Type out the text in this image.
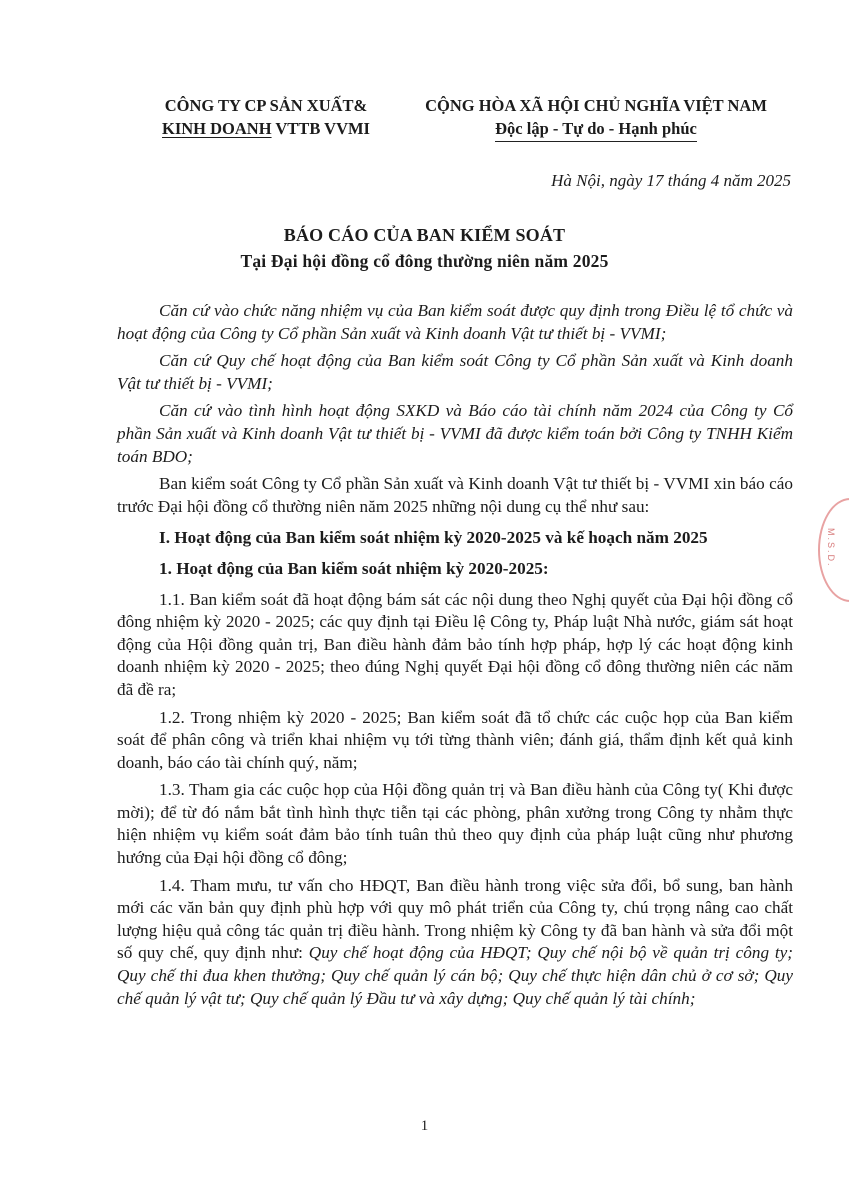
CÔNG TY CP SẢN XUẤT&
KINH DOANH VTTB VVMI
CỘNG HÒA XÃ HỘI CHỦ NGHĨA VIỆT NAM
Độc lập - Tự do - Hạnh phúc
Hà Nội, ngày 17 tháng 4 năm 2025
BÁO CÁO CỦA BAN KIỂM SOÁT
Tại Đại hội đồng cổ đông thường niên năm 2025

Căn cứ vào chức năng nhiệm vụ của Ban kiểm soát được quy định trong Điều lệ tổ chức và hoạt động của Công ty Cổ phần Sản xuất và Kinh doanh Vật tư thiết bị - VVMI;

Căn cứ Quy chế hoạt động của Ban kiểm soát Công ty Cổ phần Sản xuất và Kinh doanh Vật tư thiết bị - VVMI;

Căn cứ vào tình hình hoạt động SXKD và Báo cáo tài chính năm 2024 của Công ty Cổ phần Sản xuất và Kinh doanh Vật tư thiết bị - VVMI đã được kiểm toán bởi Công ty TNHH Kiểm toán BDO;

Ban kiểm soát Công ty Cổ phần Sản xuất và Kinh doanh Vật tư thiết bị - VVMI xin báo cáo trước Đại hội đồng cổ thường niên năm 2025 những nội dung cụ thể như sau:

I. Hoạt động của Ban kiểm soát nhiệm kỳ 2020-2025 và kế hoạch năm 2025

1. Hoạt động của Ban kiểm soát nhiệm kỳ 2020-2025:

1.1. Ban kiểm soát đã hoạt động bám sát các nội dung theo Nghị quyết của Đại hội đồng cổ đông nhiệm kỳ 2020 - 2025; các quy định tại Điều lệ Công ty, Pháp luật Nhà nước, giám sát hoạt động của Hội đồng quản trị, Ban điều hành đảm bảo tính hợp pháp, hợp lý các hoạt động kinh doanh nhiệm kỳ 2020 - 2025; theo đúng Nghị quyết Đại hội đồng cổ đông thường niên các năm đã đề ra;

1.2. Trong nhiệm kỳ 2020 - 2025; Ban kiểm soát đã tổ chức các cuộc họp của Ban kiểm soát để phân công và triển khai nhiệm vụ tới từng thành viên; đánh giá, thẩm định kết quả kinh doanh, báo cáo tài chính quý, năm;

1.3. Tham gia các cuộc họp của Hội đồng quản trị và Ban điều hành của Công ty( Khi được mời); để từ đó nắm bắt tình hình thực tiễn tại các phòng, phân xưởng trong Công ty nhằm thực hiện nhiệm vụ kiểm soát đảm bảo tính tuân thủ theo quy định của pháp luật cũng như phương hướng của Đại hội đồng cổ đông;

1.4. Tham mưu, tư vấn cho HĐQT, Ban điều hành trong việc sửa đổi, bổ sung, ban hành mới các văn bản quy định phù hợp với quy mô phát triển của Công ty, chú trọng nâng cao chất lượng hiệu quả công tác quản trị điều hành. Trong nhiệm kỳ Công ty đã ban hành và sửa đổi một số quy chế, quy định như: Quy chế hoạt động của HĐQT; Quy chế nội bộ về quản trị công ty; Quy chế thi đua khen thưởng; Quy chế quản lý cán bộ; Quy chế thực hiện dân chủ ở cơ sở; Quy chế quản lý vật tư; Quy chế quản lý Đầu tư và xây dựng; Quy chế quản lý tài chính;

M.S.D.
1
